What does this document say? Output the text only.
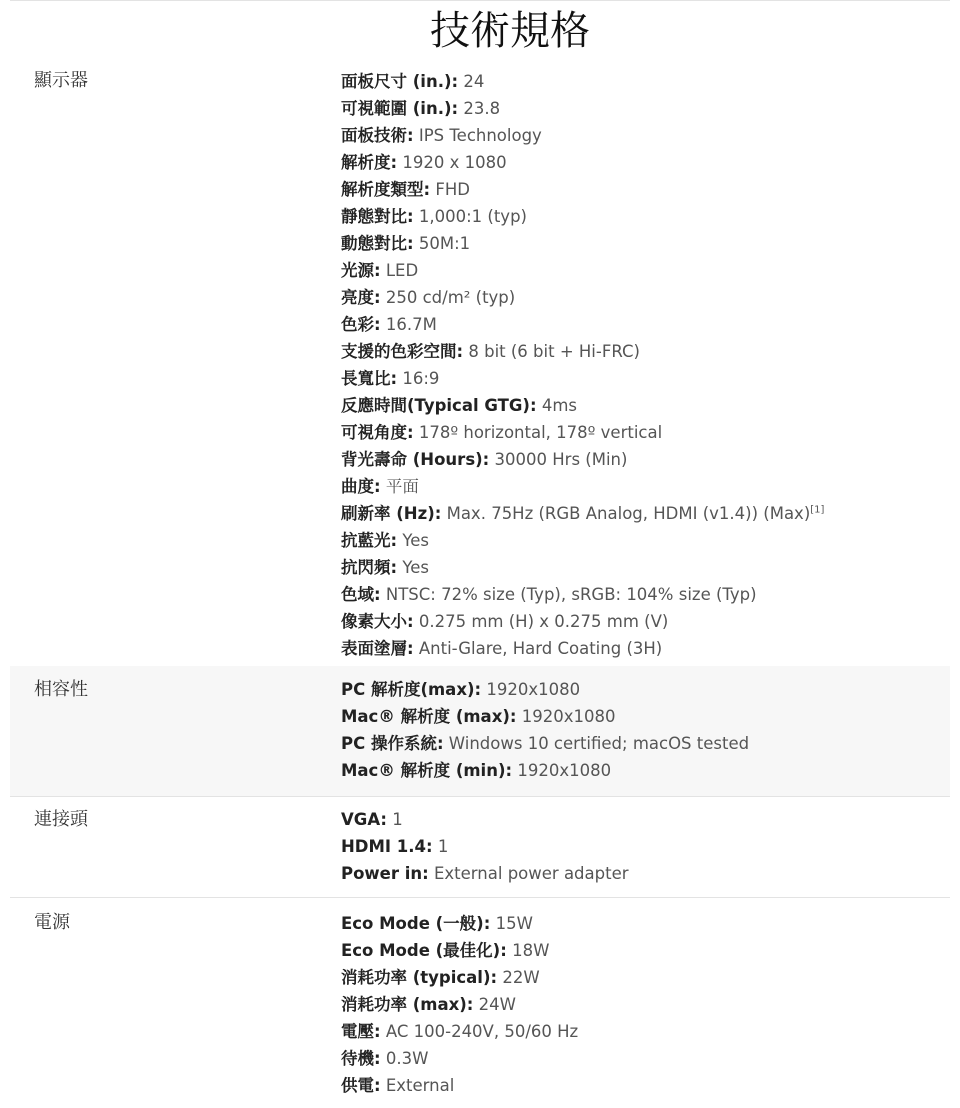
技術規格
顯示器	面板尺寸 (in.): 24
可視範圍 (in.): 23.8
面板技術: IPS Technology
解析度: 1920 x 1080
解析度類型: FHD
靜態對比: 1,000:1 (typ)
動態對比: 50M:1
光源: LED
亮度: 250 cd/m² (typ)
色彩: 16.7M
支援的色彩空間: 8 bit (6 bit + Hi-FRC)
長寬比: 16:9
反應時間(Typical GTG): 4ms
可視角度: 178º horizontal, 178º vertical
背光壽命 (Hours): 30000 Hrs (Min)
曲度: 平面
刷新率 (Hz): Max. 75Hz (RGB Analog, HDMI (v1.4)) (Max)[1]
抗藍光: Yes
抗閃頻: Yes
色域: NTSC: 72% size (Typ), sRGB: 104% size (Typ)
像素大小: 0.275 mm (H) x 0.275 mm (V)
表面塗層: Anti-Glare, Hard Coating (3H)
相容性	PC 解析度(max): 1920x1080
Mac® 解析度 (max): 1920x1080
PC 操作系統: Windows 10 certified; macOS tested
Mac® 解析度 (min): 1920x1080
連接頭	VGA: 1
HDMI 1.4: 1
Power in: External power adapter
電源	Eco Mode (一般): 15W
Eco Mode (最佳化): 18W
消耗功率 (typical): 22W
消耗功率 (max): 24W
電壓: AC 100-240V, 50/60 Hz
待機: 0.3W
供電: External
